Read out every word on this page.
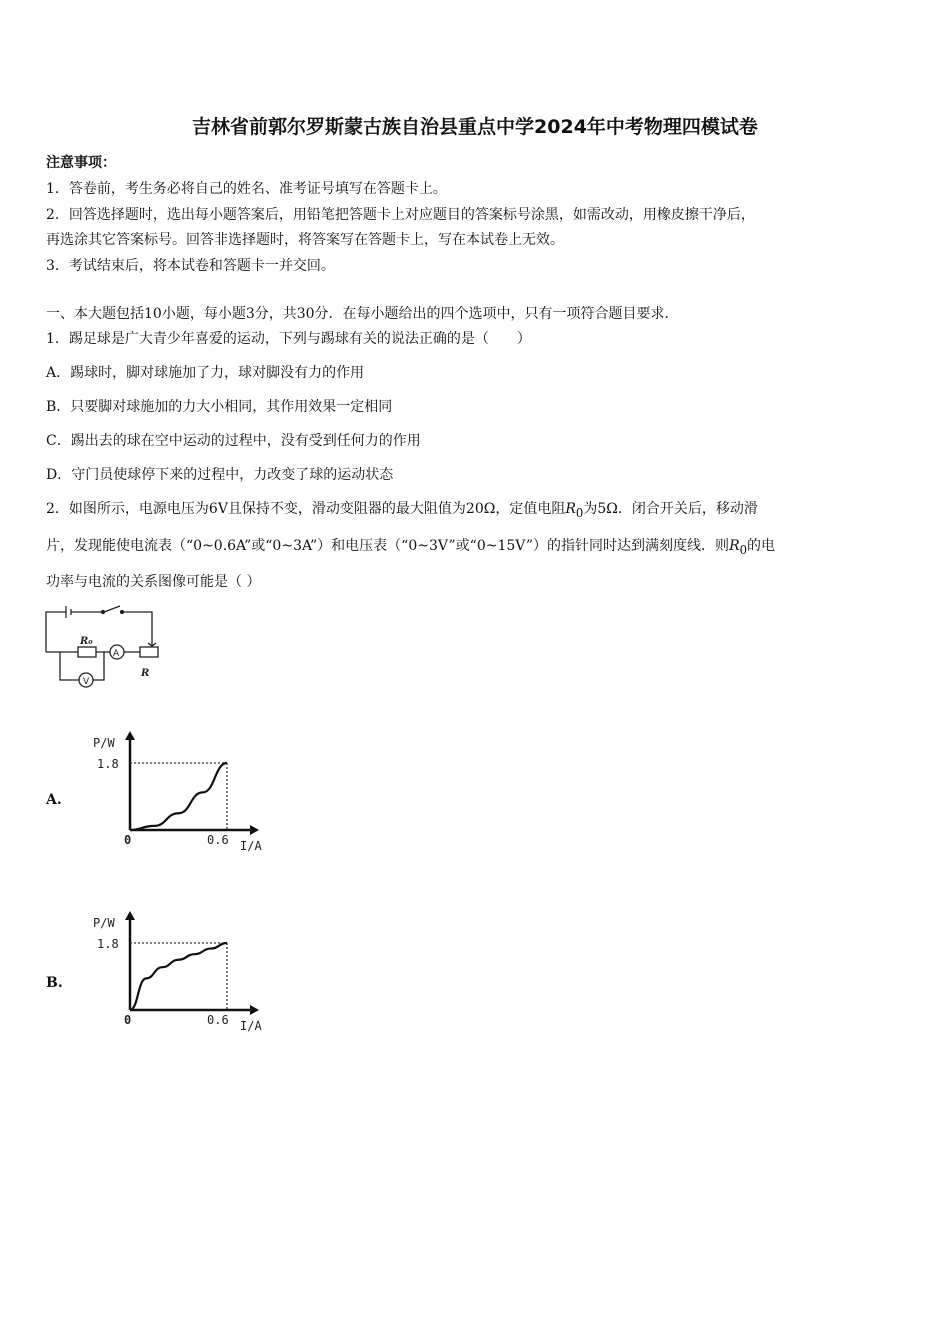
吉林省前郭尔罗斯蒙古族自治县重点中学2024年中考物理四模试卷
注意事项：
1．答卷前，考生务必将自己的姓名、准考证号填写在答题卡上。
2．回答选择题时，选出每小题答案后，用铅笔把答题卡上对应题目的答案标号涂黑，如需改动，用橡皮擦干净后，
再选涂其它答案标号。回答非选择题时，将答案写在答题卡上，写在本试卷上无效。
3．考试结束后，将本试卷和答题卡一并交回。
一、本大题包括10小题，每小题3分，共30分．在每小题给出的四个选项中，只有一项符合题目要求．
1．踢足球是广大青少年喜爱的运动，下列与踢球有关的说法正确的是（　　）
A．踢球时，脚对球施加了力，球对脚没有力的作用
B．只要脚对球施加的力大小相同，其作用效果一定相同
C．踢出去的球在空中运动的过程中，没有受到任何力的作用
D．守门员使球停下来的过程中，力改变了球的运动状态
2．如图所示，电源电压为6V且保持不变，滑动变阻器的最大阻值为20Ω，定值电阻$R_0$为5Ω．闭合开关后，移动滑
片，发现能使电流表（“0~0.6A”或“0~3A”）和电压表（“0~3V”或“0~15V”）的指针同时达到满刻度线．则$R_0$的电
功率与电流的关系图像可能是（ ）
R₀
A
V
R
A.
P/W
1.8
0	0.6 I/A
B.
P/W
1.8
0	0.6 I/A
